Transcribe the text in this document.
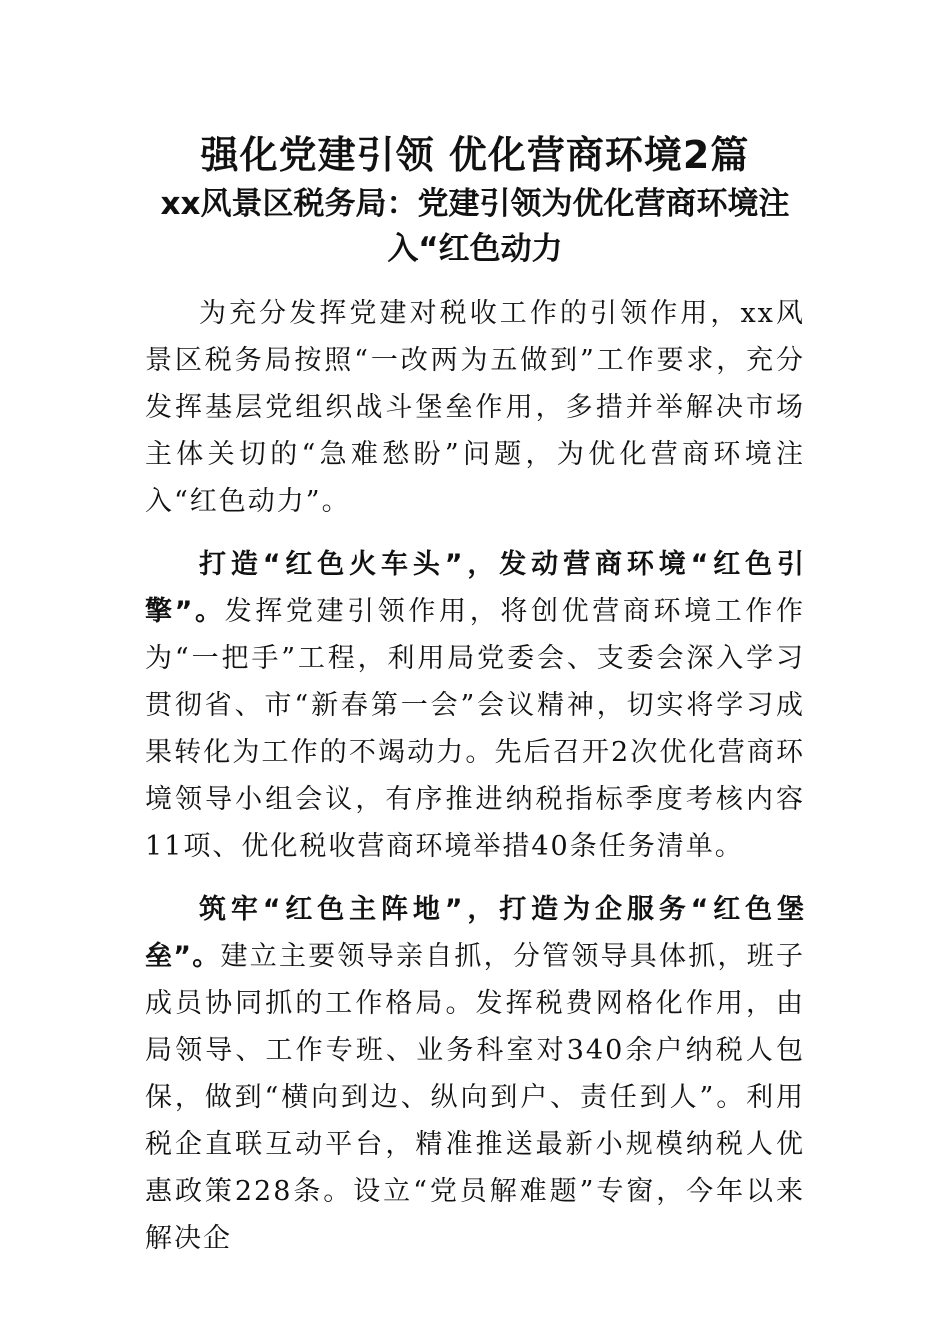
强化党建引领 优化营商环境2篇
xx风景区税务局：党建引领为优化营商环境注入“红色动力

为充分发挥党建对税收工作的引领作用，xx风景区税务局按照“一改两为五做到”工作要求，充分发挥基层党组织战斗堡垒作用，多措并举解决市场主体关切的“急难愁盼”问题，为优化营商环境注入“红色动力”。

打造“红色火车头”，发动营商环境“红色引擎”。发挥党建引领作用，将创优营商环境工作作为“一把手”工程，利用局党委会、支委会深入学习贯彻省、市“新春第一会”会议精神，切实将学习成果转化为工作的不竭动力。先后召开2次优化营商环境领导小组会议，有序推进纳税指标季度考核内容11项、优化税收营商环境举措40条任务清单。

筑牢“红色主阵地”，打造为企服务“红色堡垒”。建立主要领导亲自抓，分管领导具体抓，班子成员协同抓的工作格局。发挥税费网格化作用，由局领导、工作专班、业务科室对340余户纳税人包保，做到“横向到边、纵向到户、责任到人”。利用税企直联互动平台，精准推送最新小规模纳税人优惠政策228条。设立“党员解难题”专窗，今年以来解决企
